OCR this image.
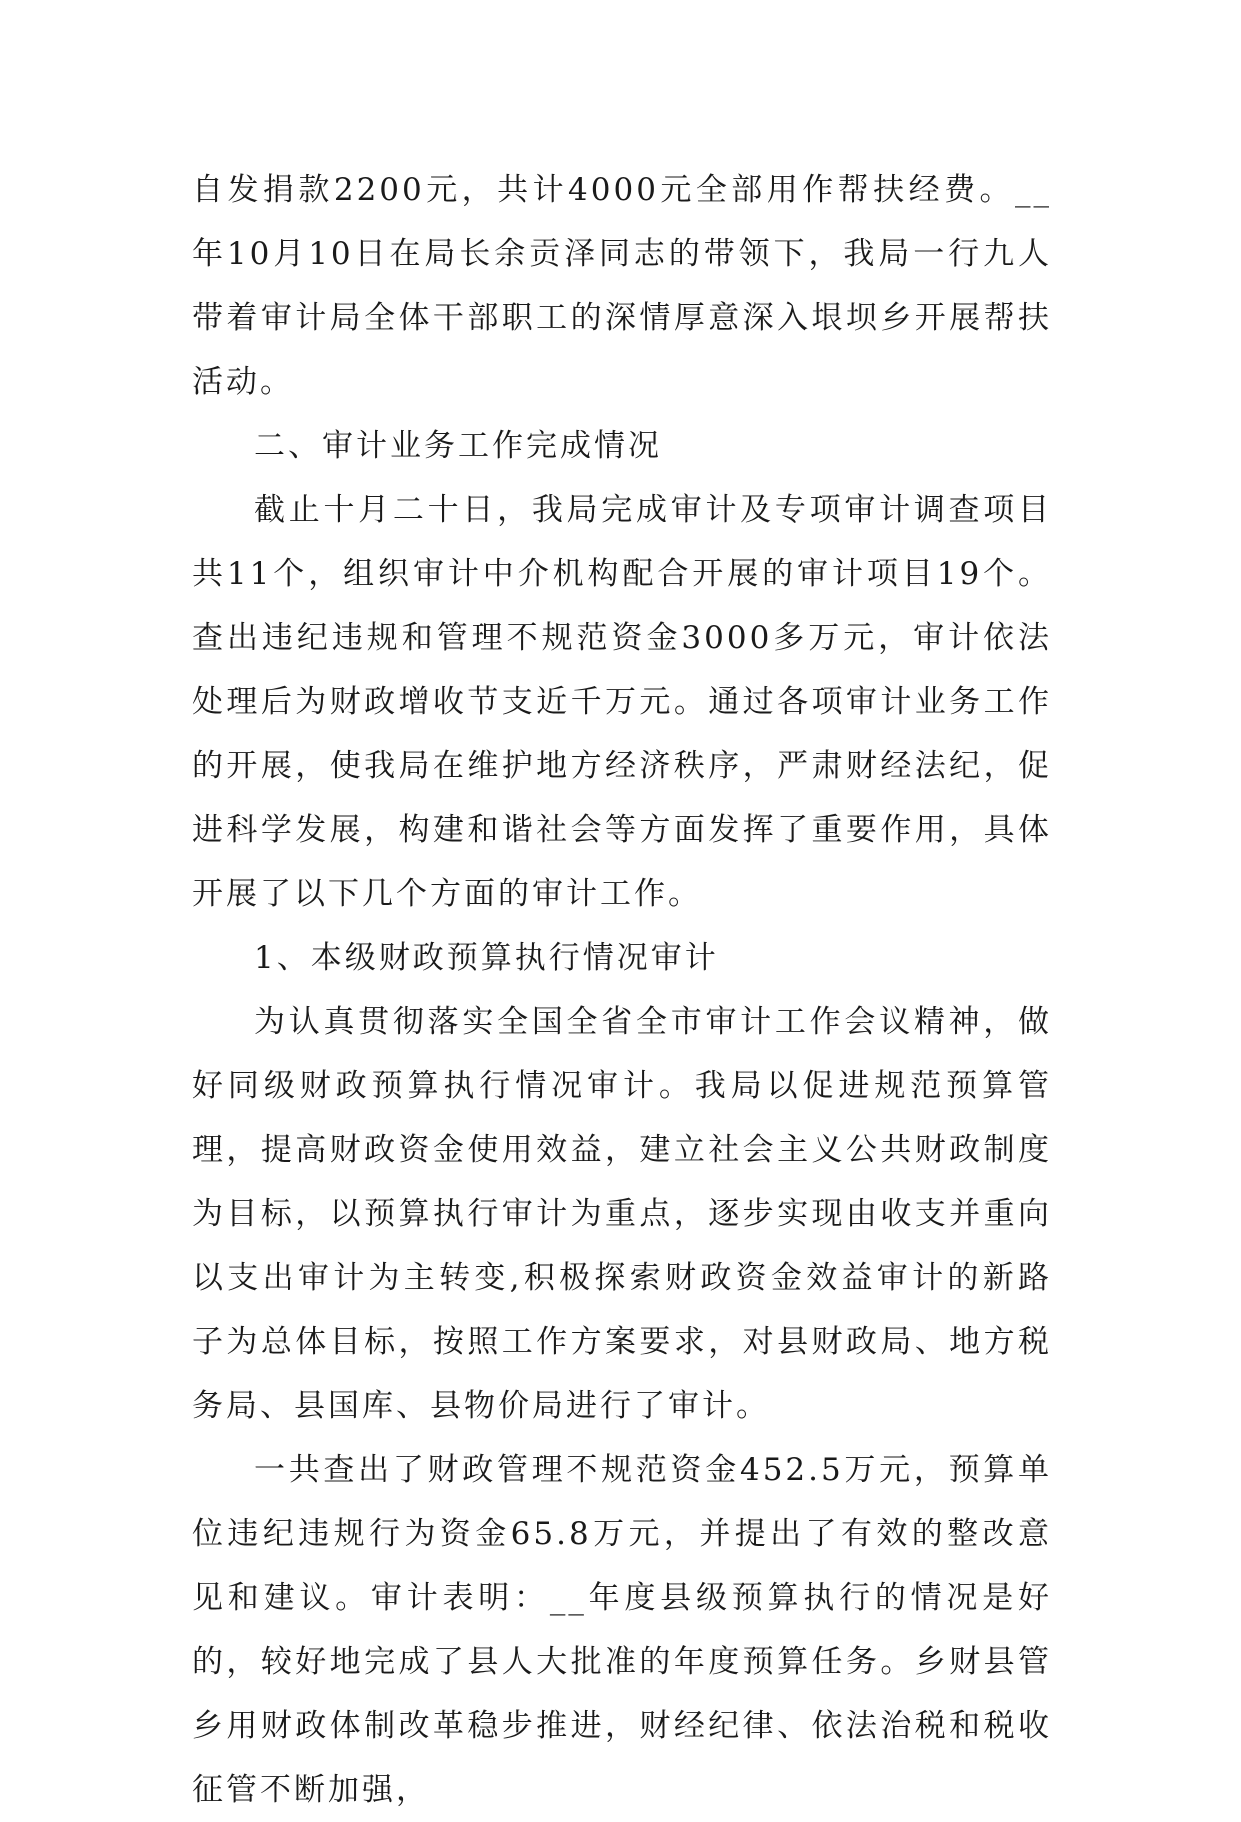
自发捐款2200元，共计4000元全部用作帮扶经费。__年10月10日在局长余贡泽同志的带领下，我局一行九人带着审计局全体干部职工的深情厚意深入垠坝乡开展帮扶活动。

二、审计业务工作完成情况

截止十月二十日，我局完成审计及专项审计调查项目共11个，组织审计中介机构配合开展的审计项目19个。查出违纪违规和管理不规范资金3000多万元，审计依法处理后为财政增收节支近千万元。通过各项审计业务工作的开展，使我局在维护地方经济秩序，严肃财经法纪，促进科学发展，构建和谐社会等方面发挥了重要作用，具体开展了以下几个方面的审计工作。

1、本级财政预算执行情况审计

为认真贯彻落实全国全省全市审计工作会议精神，做好同级财政预算执行情况审计。我局以促进规范预算管理，提高财政资金使用效益，建立社会主义公共财政制度为目标，以预算执行审计为重点，逐步实现由收支并重向以支出审计为主转变,积极探索财政资金效益审计的新路子为总体目标，按照工作方案要求，对县财政局、地方税务局、县国库、县物价局进行了审计。

一共查出了财政管理不规范资金452.5万元，预算单位违纪违规行为资金65.8万元，并提出了有效的整改意见和建议。审计表明：__年度县级预算执行的情况是好的，较好地完成了县人大批准的年度预算任务。乡财县管乡用财政体制改革稳步推进，财经纪律、依法治税和税收征管不断加强，
